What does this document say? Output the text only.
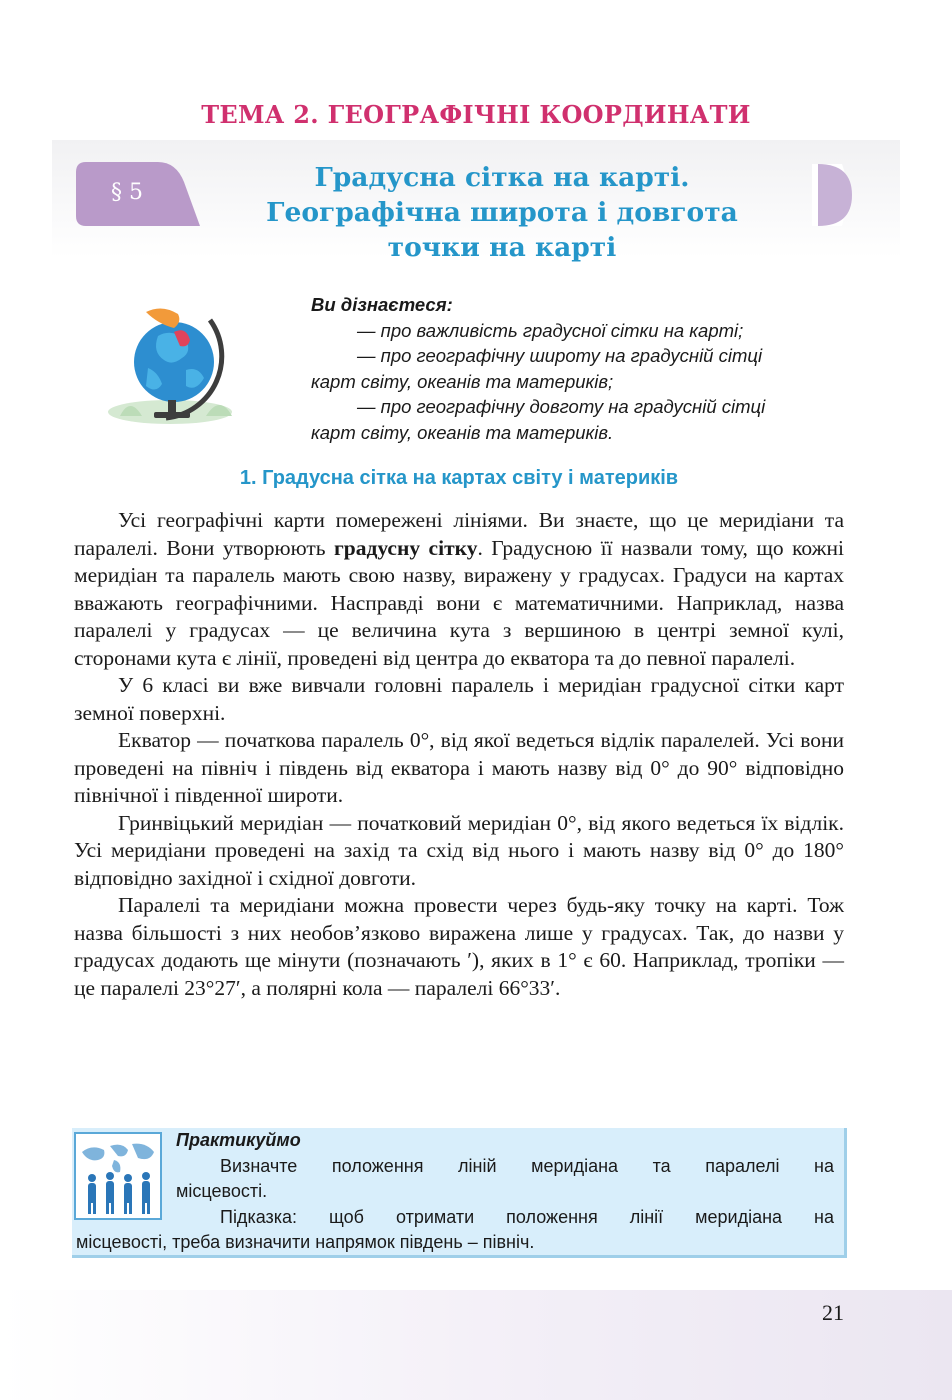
ТЕМА 2. ГЕОГРАФІЧНІ КООРДИНАТИ
§ 5	Градусна сітка на карті.
Географічна широта і довгота
точки на карті
Ви дізнаєтеся:
— про важливість градусної сітки на карті;
— про географічну широту на градусній сітці
карт світу, океанів та материків;
— про географічну довготу на градусній сітці
карт світу, океанів та материків.
1. Градусна сітка на картах світу і материків

Усі географічні карти помережені лініями. Ви знаєте, що це меридіани та паралелі. Вони утворюють градусну сітку. Градусною її назвали тому, що кожні меридіан та паралель мають свою назву, виражену у градусах. Градуси на картах вважають географічними. Насправді вони є математичними. Наприклад, назва паралелі у градусах — це величина кута з вершиною в центрі земної кулі, сторонами кута є лінії, проведені від центра до екватора та до певної паралелі.

У 6 класі ви вже вивчали головні паралель і меридіан градусної сітки карт земної поверхні.

Екватор — початкова паралель 0°, від якої ведеться відлік паралелей. Усі вони проведені на північ і південь від екватора і мають назву від 0° до 90° відповідно північної і південної широти.

Гринвіцький меридіан — початковий меридіан 0°, від якого ведеться їх відлік. Усі меридіани проведені на захід та схід від нього і мають назву від 0° до 180° відповідно західної і східної довготи.

Паралелі та меридіани можна провести через будь-яку точку на карті. Тож назва більшості з них необов’язково виражена лише у градусах. Так, до назви у градусах додають ще мінути (позначають ′), яких в 1° є 60. Наприклад, тропіки — це паралелі 23°27′, а полярні кола — паралелі 66°33′.

Практикуймо
Визначте положення ліній меридіана та паралелі на
місцевості.
Підказка: щоб отримати положення лінії меридіана на
місцевості, треба визначити напрямок південь – північ.
21
